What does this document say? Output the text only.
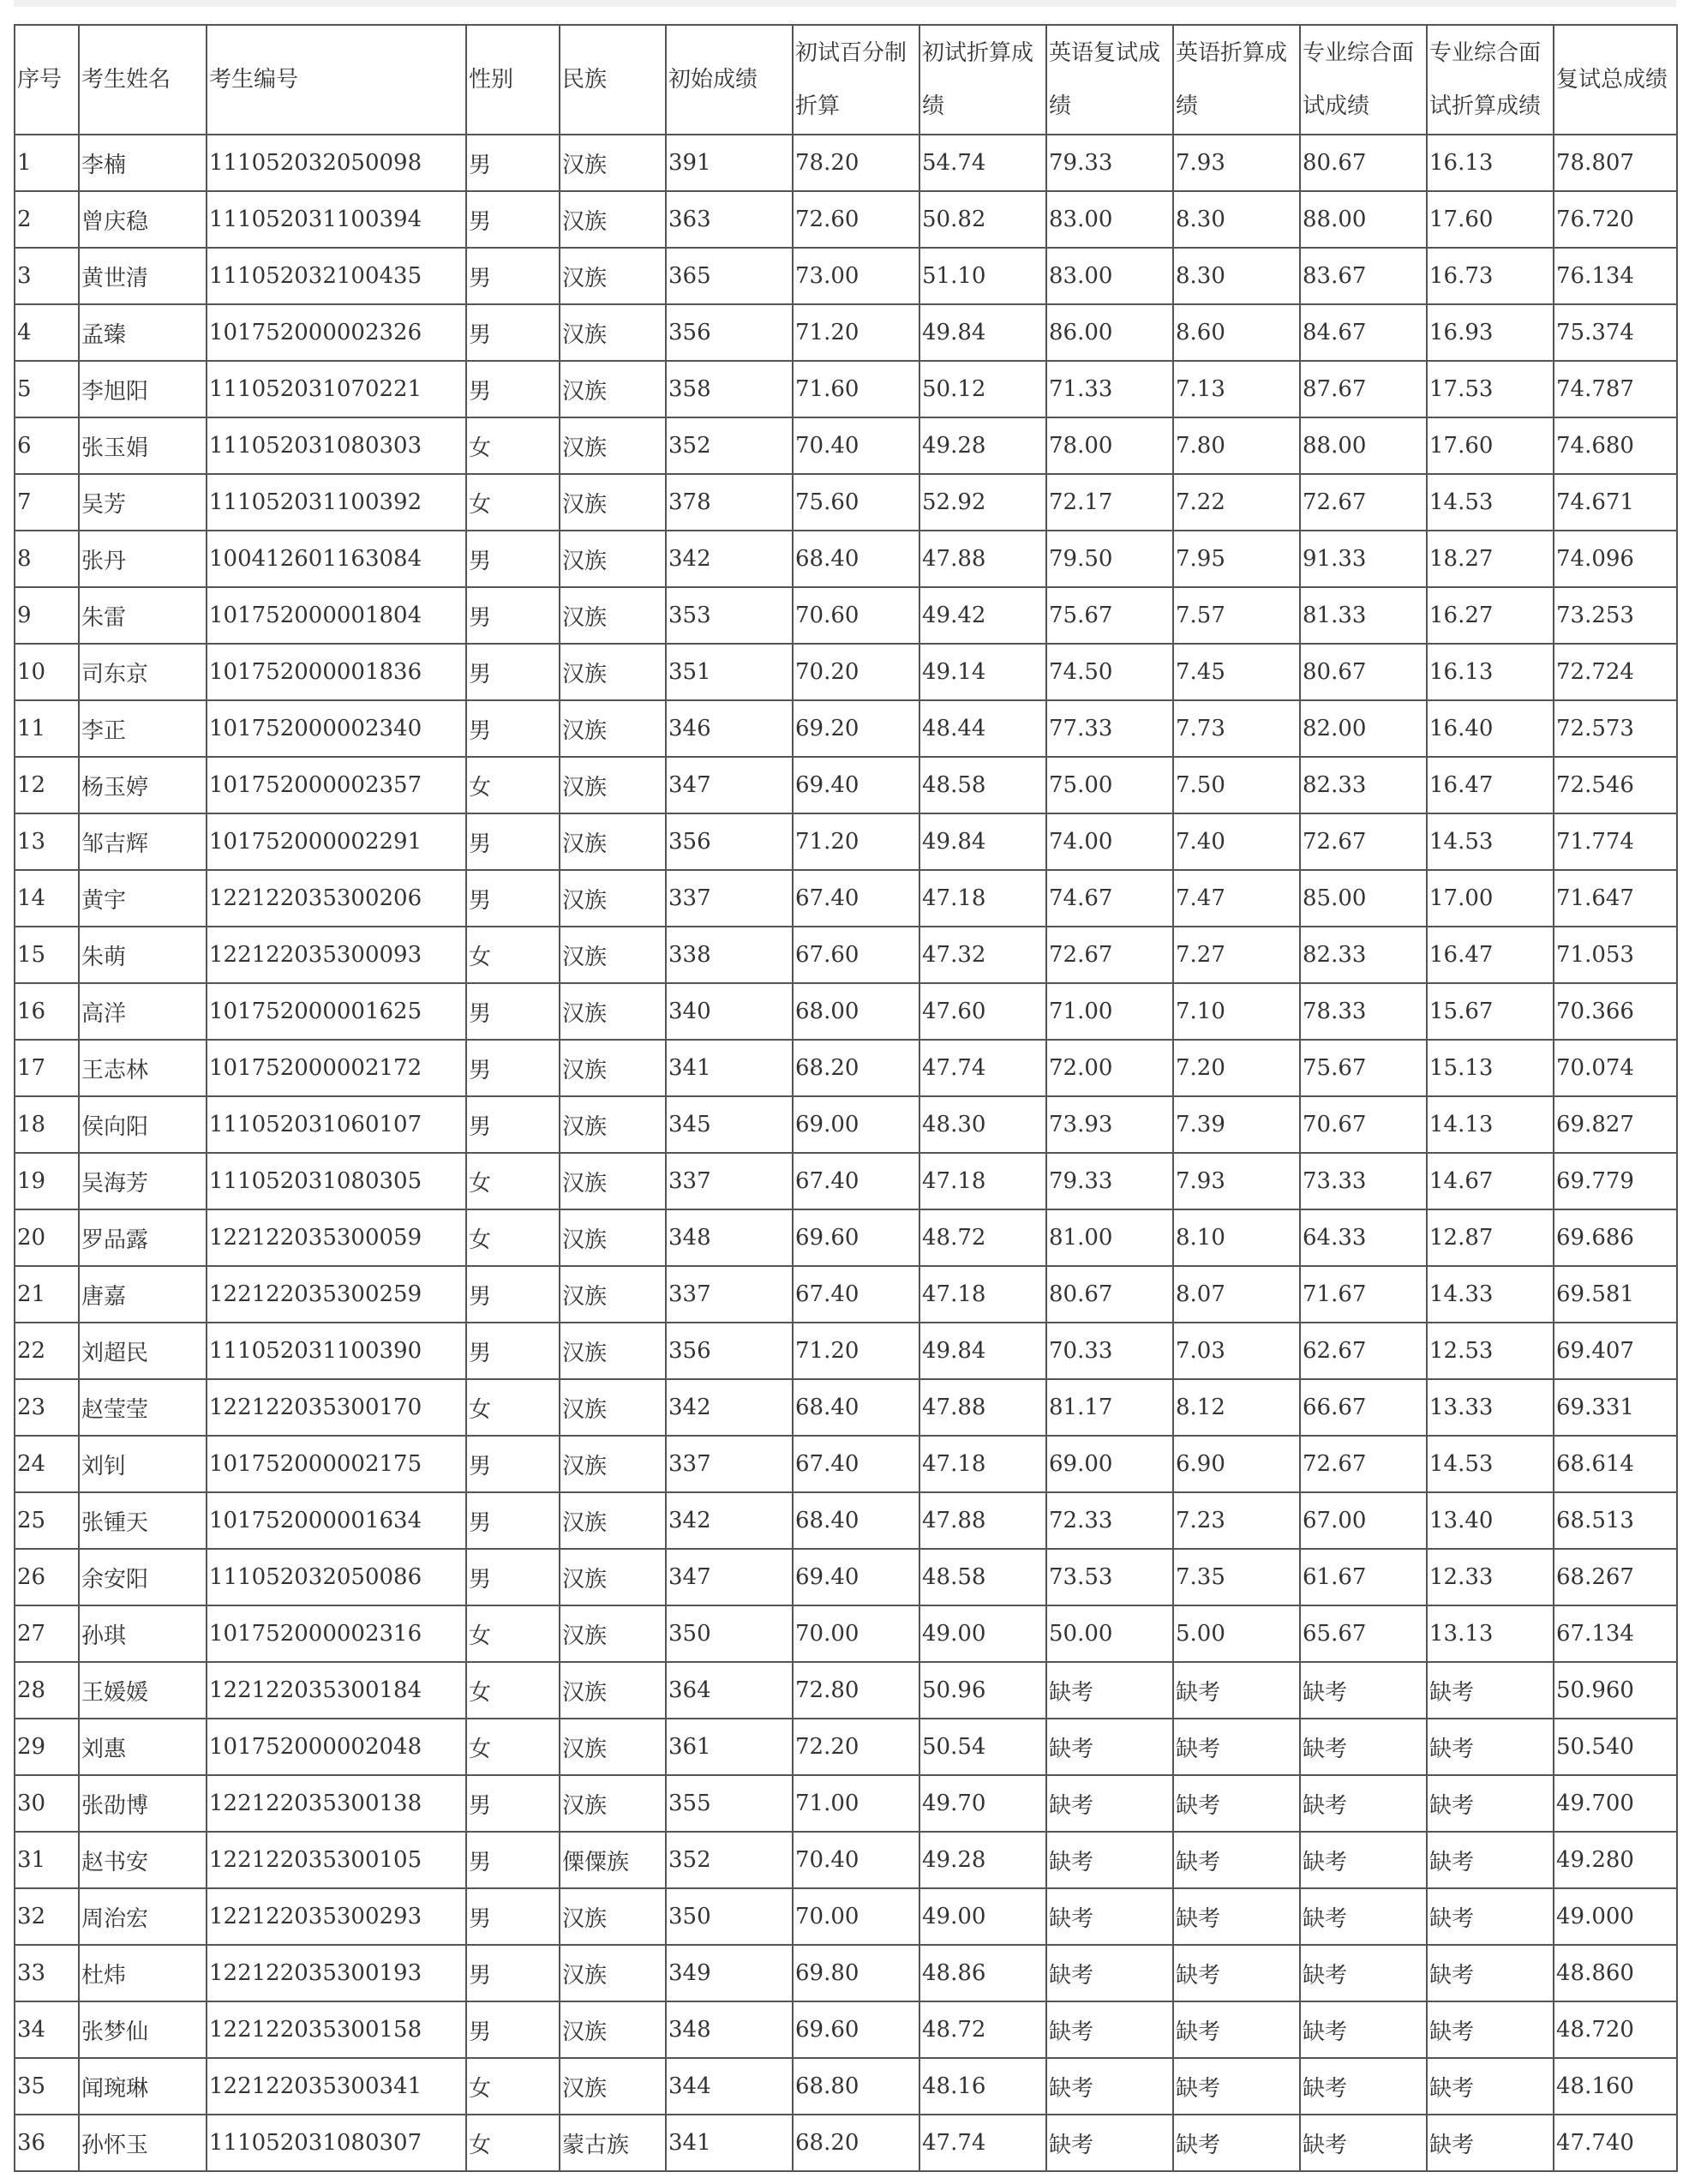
序号	考生姓名	考生编号	性别	民族	初始成绩	初试百分制折算	初试折算成绩	英语复试成绩	英语折算成绩	专业综合面试成绩	专业综合面试折算成绩	复试总成绩
1	李楠	111052032050098	男	汉族	391	78.20	54.74	79.33	7.93	80.67	16.13	78.807
2	曾庆稳	111052031100394	男	汉族	363	72.60	50.82	83.00	8.30	88.00	17.60	76.720
3	黄世清	111052032100435	男	汉族	365	73.00	51.10	83.00	8.30	83.67	16.73	76.134
4	孟臻	101752000002326	男	汉族	356	71.20	49.84	86.00	8.60	84.67	16.93	75.374
5	李旭阳	111052031070221	男	汉族	358	71.60	50.12	71.33	7.13	87.67	17.53	74.787
6	张玉娟	111052031080303	女	汉族	352	70.40	49.28	78.00	7.80	88.00	17.60	74.680
7	吴芳	111052031100392	女	汉族	378	75.60	52.92	72.17	7.22	72.67	14.53	74.671
8	张丹	100412601163084	男	汉族	342	68.40	47.88	79.50	7.95	91.33	18.27	74.096
9	朱雷	101752000001804	男	汉族	353	70.60	49.42	75.67	7.57	81.33	16.27	73.253
10	司东京	101752000001836	男	汉族	351	70.20	49.14	74.50	7.45	80.67	16.13	72.724
11	李正	101752000002340	男	汉族	346	69.20	48.44	77.33	7.73	82.00	16.40	72.573
12	杨玉婷	101752000002357	女	汉族	347	69.40	48.58	75.00	7.50	82.33	16.47	72.546
13	邹吉辉	101752000002291	男	汉族	356	71.20	49.84	74.00	7.40	72.67	14.53	71.774
14	黄宇	122122035300206	男	汉族	337	67.40	47.18	74.67	7.47	85.00	17.00	71.647
15	朱萌	122122035300093	女	汉族	338	67.60	47.32	72.67	7.27	82.33	16.47	71.053
16	高洋	101752000001625	男	汉族	340	68.00	47.60	71.00	7.10	78.33	15.67	70.366
17	王志林	101752000002172	男	汉族	341	68.20	47.74	72.00	7.20	75.67	15.13	70.074
18	侯向阳	111052031060107	男	汉族	345	69.00	48.30	73.93	7.39	70.67	14.13	69.827
19	吴海芳	111052031080305	女	汉族	337	67.40	47.18	79.33	7.93	73.33	14.67	69.779
20	罗品露	122122035300059	女	汉族	348	69.60	48.72	81.00	8.10	64.33	12.87	69.686
21	唐嘉	122122035300259	男	汉族	337	67.40	47.18	80.67	8.07	71.67	14.33	69.581
22	刘超民	111052031100390	男	汉族	356	71.20	49.84	70.33	7.03	62.67	12.53	69.407
23	赵莹莹	122122035300170	女	汉族	342	68.40	47.88	81.17	8.12	66.67	13.33	69.331
24	刘钊	101752000002175	男	汉族	337	67.40	47.18	69.00	6.90	72.67	14.53	68.614
25	张锺天	101752000001634	男	汉族	342	68.40	47.88	72.33	7.23	67.00	13.40	68.513
26	余安阳	111052032050086	男	汉族	347	69.40	48.58	73.53	7.35	61.67	12.33	68.267
27	孙琪	101752000002316	女	汉族	350	70.00	49.00	50.00	5.00	65.67	13.13	67.134
28	王媛媛	122122035300184	女	汉族	364	72.80	50.96	缺考	缺考	缺考	缺考	50.960
29	刘惠	101752000002048	女	汉族	361	72.20	50.54	缺考	缺考	缺考	缺考	50.540
30	张劭博	122122035300138	男	汉族	355	71.00	49.70	缺考	缺考	缺考	缺考	49.700
31	赵书安	122122035300105	男	傈僳族	352	70.40	49.28	缺考	缺考	缺考	缺考	49.280
32	周治宏	122122035300293	男	汉族	350	70.00	49.00	缺考	缺考	缺考	缺考	49.000
33	杜炜	122122035300193	男	汉族	349	69.80	48.86	缺考	缺考	缺考	缺考	48.860
34	张梦仙	122122035300158	男	汉族	348	69.60	48.72	缺考	缺考	缺考	缺考	48.720
35	闻琬琳	122122035300341	女	汉族	344	68.80	48.16	缺考	缺考	缺考	缺考	48.160
36	孙怀玉	111052031080307	女	蒙古族	341	68.20	47.74	缺考	缺考	缺考	缺考	47.740
